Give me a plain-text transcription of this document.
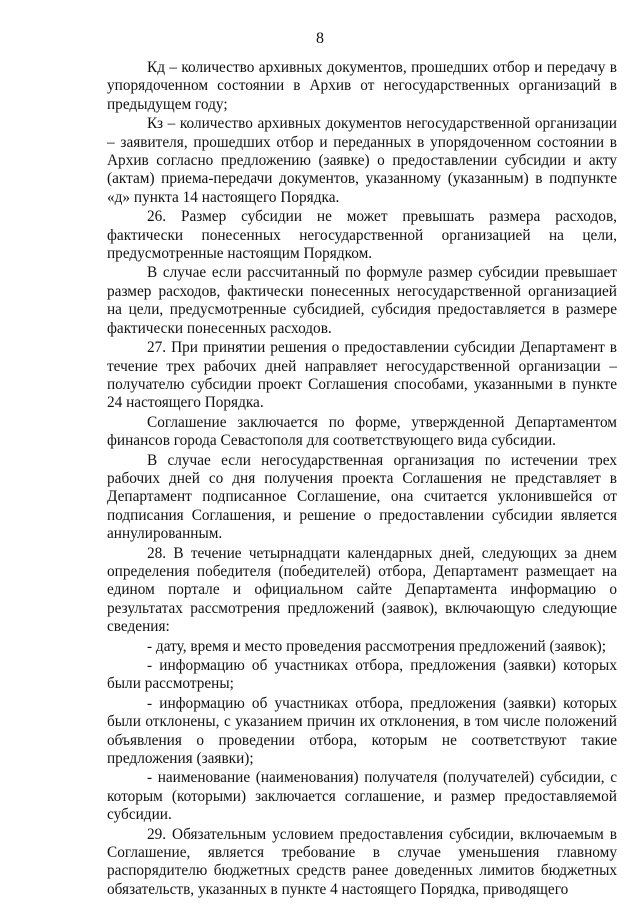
8

Кд – количество архивных документов, прошедших отбор и передачу в упорядоченном состоянии в Архив от негосударственных организаций в предыдущем году;

Кз – количество архивных документов негосударственной организации – заявителя, прошедших отбор и переданных в упорядоченном состоянии в Архив согласно предложению (заявке) о предоставлении субсидии и акту (актам) приема-передачи документов, указанному (указанным) в подпункте «д» пункта 14 настоящего Порядка.

26. Размер субсидии не может превышать размера расходов, фактически понесенных негосударственной организацией на цели, предусмотренные настоящим Порядком.

В случае если рассчитанный по формуле размер субсидии превышает размер расходов, фактически понесенных негосударственной организацией на цели, предусмотренные субсидией, субсидия предоставляется в размере фактически понесенных расходов.

27. При принятии решения о предоставлении субсидии Департамент в течение трех рабочих дней направляет негосударственной организации – получателю субсидии проект Соглашения способами, указанными в пункте 24 настоящего Порядка.

Соглашение заключается по форме, утвержденной Департаментом финансов города Севастополя для соответствующего вида субсидии.

В случае если негосударственная организация по истечении трех рабочих дней со дня получения проекта Соглашения не представляет в Департамент подписанное Соглашение, она считается уклонившейся от подписания Соглашения, и решение о предоставлении субсидии является аннулированным.

28. В течение четырнадцати календарных дней, следующих за днем определения победителя (победителей) отбора, Департамент размещает на едином портале и официальном сайте Департамента информацию о результатах рассмотрения предложений (заявок), включающую следующие сведения:

- дату, время и место проведения рассмотрения предложений (заявок);

- информацию об участниках отбора, предложения (заявки) которых были рассмотрены;

- информацию об участниках отбора, предложения (заявки) которых были отклонены, с указанием причин их отклонения, в том числе положений объявления о проведении отбора, которым не соответствуют такие предложения (заявки);

- наименование (наименования) получателя (получателей) субсидии, с которым (которыми) заключается соглашение, и размер предоставляемой субсидии.

29. Обязательным условием предоставления субсидии, включаемым в Соглашение, является требование в случае уменьшения главному распорядителю бюджетных средств ранее доведенных лимитов бюджетных обязательств, указанных в пункте 4 настоящего Порядка, приводящего
